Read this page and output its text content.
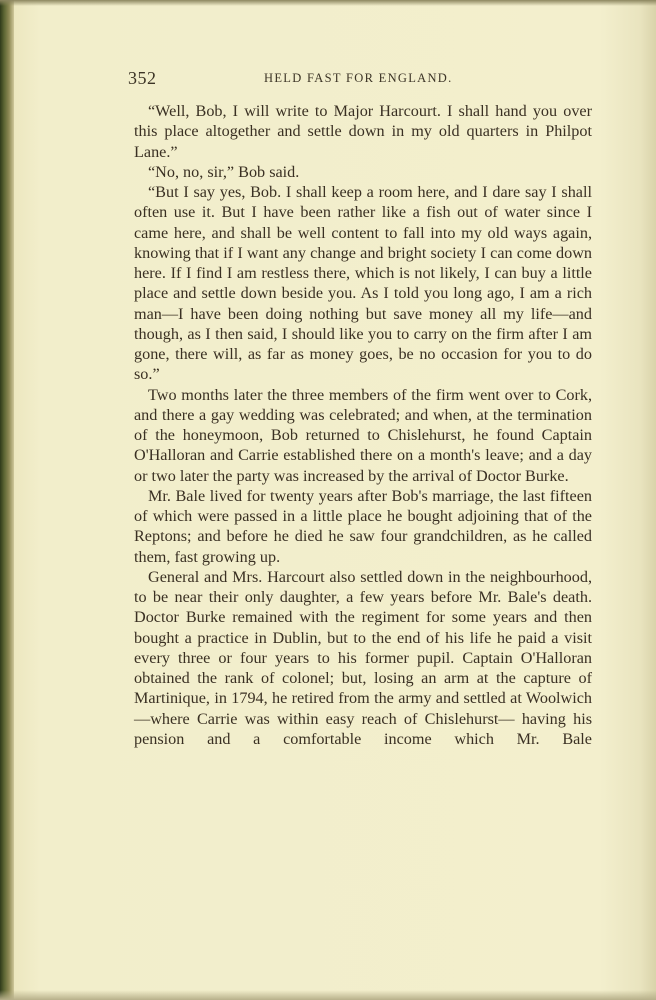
352	HELD FAST FOR ENGLAND.

“Well, Bob, I will write to Major Harcourt. I shall hand you over this place altogether and settle down in my old quarters in Philpot Lane.”

“No, no, sir,” Bob said.

“But I say yes, Bob. I shall keep a room here, and I dare say I shall often use it. But I have been rather like a fish out of water since I came here, and shall be well content to fall into my old ways again, knowing that if I want any change and bright society I can come down here. If I find I am restless there, which is not likely, I can buy a little place and settle down beside you. As I told you long ago, I am a rich man—I have been doing nothing but save money all my life—and though, as I then said, I should like you to carry on the firm after I am gone, there will, as far as money goes, be no occasion for you to do so.”

Two months later the three members of the firm went over to Cork, and there a gay wedding was celebrated; and when, at the termination of the honeymoon, Bob returned to Chislehurst, he found Captain O'Halloran and Carrie established there on a month's leave; and a day or two later the party was increased by the arrival of Doctor Burke.

Mr. Bale lived for twenty years after Bob's marriage, the last fifteen of which were passed in a little place he bought adjoining that of the Reptons; and before he died he saw four grandchildren, as he called them, fast growing up.

General and Mrs. Harcourt also settled down in the neighbourhood, to be near their only daughter, a few years before Mr. Bale's death. Doctor Burke remained with the regiment for some years and then bought a practice in Dublin, but to the end of his life he paid a visit every three or four years to his former pupil. Captain O'Halloran obtained the rank of colonel; but, losing an arm at the capture of Martinique, in 1794, he retired from the army and settled at Woolwich —where Carrie was within easy reach of Chislehurst— having his pension and a comfortable income which Mr. Bale
